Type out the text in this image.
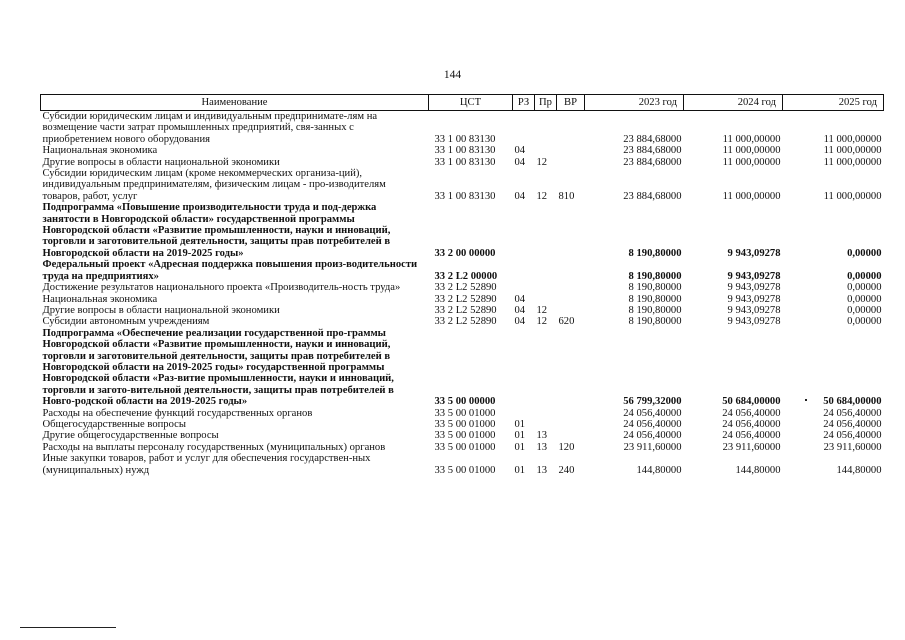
144
Наименование	ЦСТ	РЗ	Пр	ВР	2023 год	2024 год	2025 год
Субсидии юридическим лицам и индивидуальным предпринимате-лям на возмещение части затрат промышленных предприятий, свя-занных с приобретением нового оборудования	33 1 00 83130				23 884,68000	11 000,00000	11 000,00000
Национальная экономика	33 1 00 83130	04			23 884,68000	11 000,00000	11 000,00000
Другие вопросы в области национальной экономики	33 1 00 83130	04	12		23 884,68000	11 000,00000	11 000,00000
Субсидии юридическим лицам (кроме некоммерческих организа-ций), индивидуальным предпринимателям, физическим лицам - про-изводителям товаров, работ, услуг	33 1 00 83130	04	12	810	23 884,68000	11 000,00000	11 000,00000
Подпрограмма «Повышение производительности труда и под-держка занятости в Новгородской области» государственной программы Новгородской области «Развитие промышленности, науки и инноваций, торговли и заготовительной деятельности, защиты прав потребителей в Новгородской области на 2019-2025 годы»	33 2 00 00000				8 190,80000	9 943,09278	0,00000
Федеральный проект «Адресная поддержка повышения произ-водительности труда на предприятиях»	33 2 L2 00000				8 190,80000	9 943,09278	0,00000
Достижение результатов национального проекта «Производитель-ность труда»	33 2 L2 52890				8 190,80000	9 943,09278	0,00000
Национальная экономика	33 2 L2 52890	04			8 190,80000	9 943,09278	0,00000
Другие вопросы в области национальной экономики	33 2 L2 52890	04	12		8 190,80000	9 943,09278	0,00000
Субсидии автономным учреждениям	33 2 L2 52890	04	12	620	8 190,80000	9 943,09278	0,00000
Подпрограмма «Обеспечение реализации государственной про-граммы Новгородской области «Развитие промышленности, науки и инноваций, торговли и заготовительной деятельности, защиты прав потребителей в Новгородской области на 2019-2025 годы» государственной программы Новгородской области «Раз-витие промышленности, науки и инноваций, торговли и загото-вительной деятельности, защиты прав потребителей в Новго-родской области на 2019-2025 годы»	33 5 00 00000				56 799,32000	50 684,00000	50 684,00000
Расходы на обеспечение функций государственных органов	33 5 00 01000				24 056,40000	24 056,40000	24 056,40000
Общегосударственные вопросы	33 5 00 01000	01			24 056,40000	24 056,40000	24 056,40000
Другие общегосударственные вопросы	33 5 00 01000	01	13		24 056,40000	24 056,40000	24 056,40000
Расходы на выплаты персоналу государственных (муниципальных) органов	33 5 00 01000	01	13	120	23 911,60000	23 911,60000	23 911,60000
Иные закупки товаров, работ и услуг для обеспечения государствен-ных (муниципальных) нужд	33 5 00 01000	01	13	240	144,80000	144,80000	144,80000
